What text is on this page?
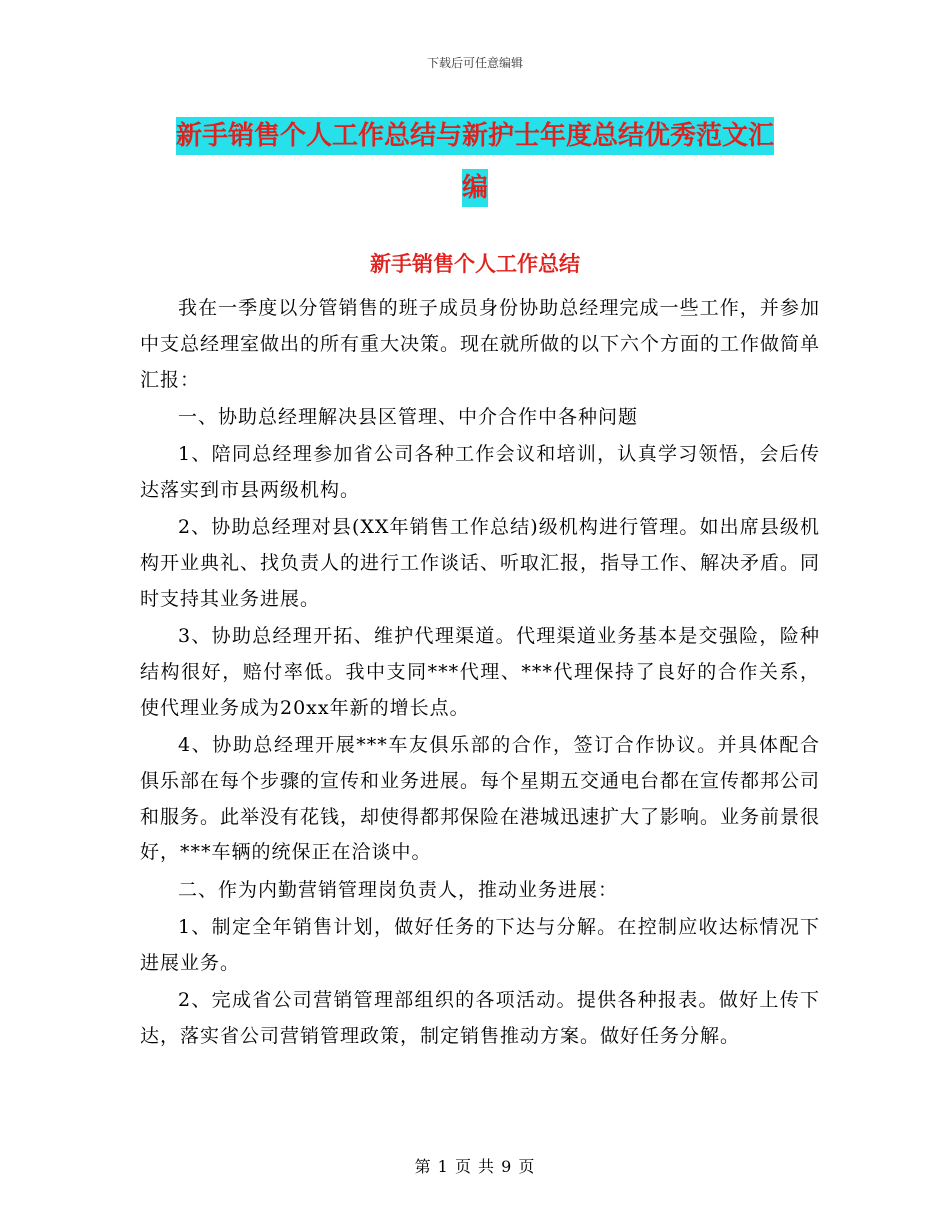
下载后可任意编辑
新手销售个人工作总结与新护士年度总结优秀范文汇
编
新手销售个人工作总结

我在一季度以分管销售的班子成员身份协助总经理完成一些工作，并参加中支总经理室做出的所有重大决策。现在就所做的以下六个方面的工作做简单汇报：

一、协助总经理解决县区管理、中介合作中各种问题

1、陪同总经理参加省公司各种工作会议和培训，认真学习领悟，会后传达落实到市县两级机构。

2、协助总经理对县(XX年销售工作总结)级机构进行管理。如出席县级机构开业典礼、找负责人的进行工作谈话、听取汇报，指导工作、解决矛盾。同时支持其业务进展。

3、协助总经理开拓、维护代理渠道。代理渠道业务基本是交强险，险种结构很好，赔付率低。我中支同***代理、***代理保持了良好的合作关系，使代理业务成为20xx年新的增长点。

4、协助总经理开展***车友俱乐部的合作，签订合作协议。并具体配合俱乐部在每个步骤的宣传和业务进展。每个星期五交通电台都在宣传都邦公司和服务。此举没有花钱，却使得都邦保险在港城迅速扩大了影响。业务前景很好，***车辆的统保正在洽谈中。

二、作为内勤营销管理岗负责人，推动业务进展：

1、制定全年销售计划，做好任务的下达与分解。在控制应收达标情况下进展业务。

2、完成省公司营销管理部组织的各项活动。提供各种报表。做好上传下达，落实省公司营销管理政策，制定销售推动方案。做好任务分解。

第 1 页 共 9 页
